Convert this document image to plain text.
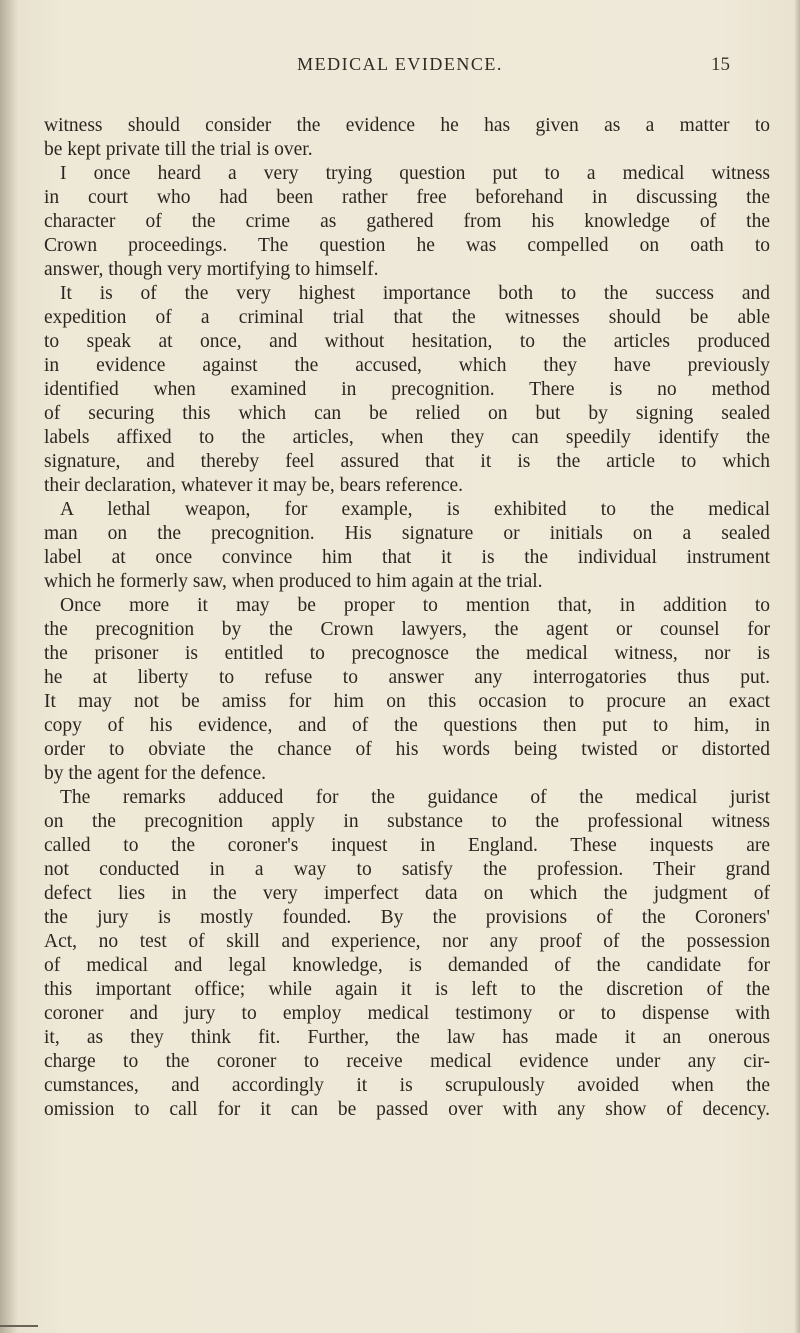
MEDICAL EVIDENCE.	15
witness should consider the evidence he has given as a matter to
be kept private till the trial is over.
I once heard a very trying question put to a medical witness
in court who had been rather free beforehand in discussing the
character of the crime as gathered from his knowledge of the
Crown proceedings. The question he was compelled on oath to
answer, though very mortifying to himself.
It is of the very highest importance both to the success and
expedition of a criminal trial that the witnesses should be able
to speak at once, and without hesitation, to the articles produced
in evidence against the accused, which they have previously
identified when examined in precognition. There is no method
of securing this which can be relied on but by signing sealed
labels affixed to the articles, when they can speedily identify the
signature, and thereby feel assured that it is the article to which
their declaration, whatever it may be, bears reference.
A lethal weapon, for example, is exhibited to the medical
man on the precognition. His signature or initials on a sealed
label at once convince him that it is the individual instrument
which he formerly saw, when produced to him again at the trial.
Once more it may be proper to mention that, in addition to
the precognition by the Crown lawyers, the agent or counsel for
the prisoner is entitled to precognosce the medical witness, nor is
he at liberty to refuse to answer any interrogatories thus put.
It may not be amiss for him on this occasion to procure an exact
copy of his evidence, and of the questions then put to him, in
order to obviate the chance of his words being twisted or distorted
by the agent for the defence.
The remarks adduced for the guidance of the medical jurist
on the precognition apply in substance to the professional witness
called to the coroner's inquest in England. These inquests are
not conducted in a way to satisfy the profession. Their grand
defect lies in the very imperfect data on which the judgment of
the jury is mostly founded. By the provisions of the Coroners'
Act, no test of skill and experience, nor any proof of the possession
of medical and legal knowledge, is demanded of the candidate for
this important office; while again it is left to the discretion of the
coroner and jury to employ medical testimony or to dispense with
it, as they think fit. Further, the law has made it an onerous
charge to the coroner to receive medical evidence under any cir-
cumstances, and accordingly it is scrupulously avoided when the
omission to call for it can be passed over with any show of decency.
